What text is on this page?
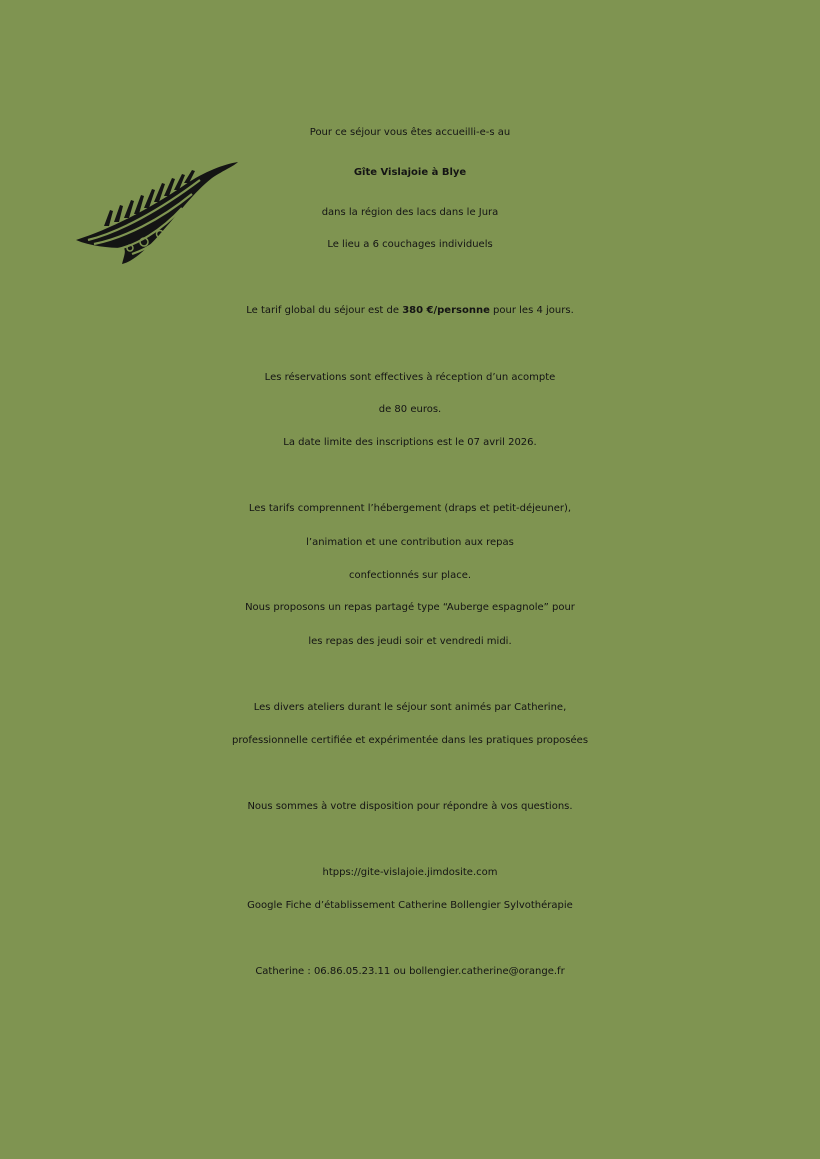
Pour ce séjour vous êtes accueilli-e-s au
Gîte Vislajoie à Blye
dans la région des lacs dans le Jura
Le lieu a 6 couchages individuels
Le tarif global du séjour est de 380 €/personne pour les 4 jours.
Les réservations sont effectives à réception d’un acompte
de 80 euros.
La date limite des inscriptions est le 07 avril 2026.
Les tarifs comprennent l’hébergement (draps et petit-déjeuner),
l’animation et une contribution aux repas
confectionnés sur place.
Nous proposons un repas partagé type “Auberge espagnole” pour
les repas des jeudi soir et vendredi midi.
Les divers ateliers durant le séjour sont animés par Catherine,
professionnelle certifiée et expérimentée dans les pratiques proposées
Nous sommes à votre disposition pour répondre à vos questions.
htpps://gite-vislajoie.jimdosite.com
Google Fiche d’établissement Catherine Bollengier Sylvothérapie
Catherine : 06.86.05.23.11 ou bollengier.catherine@orange.fr
